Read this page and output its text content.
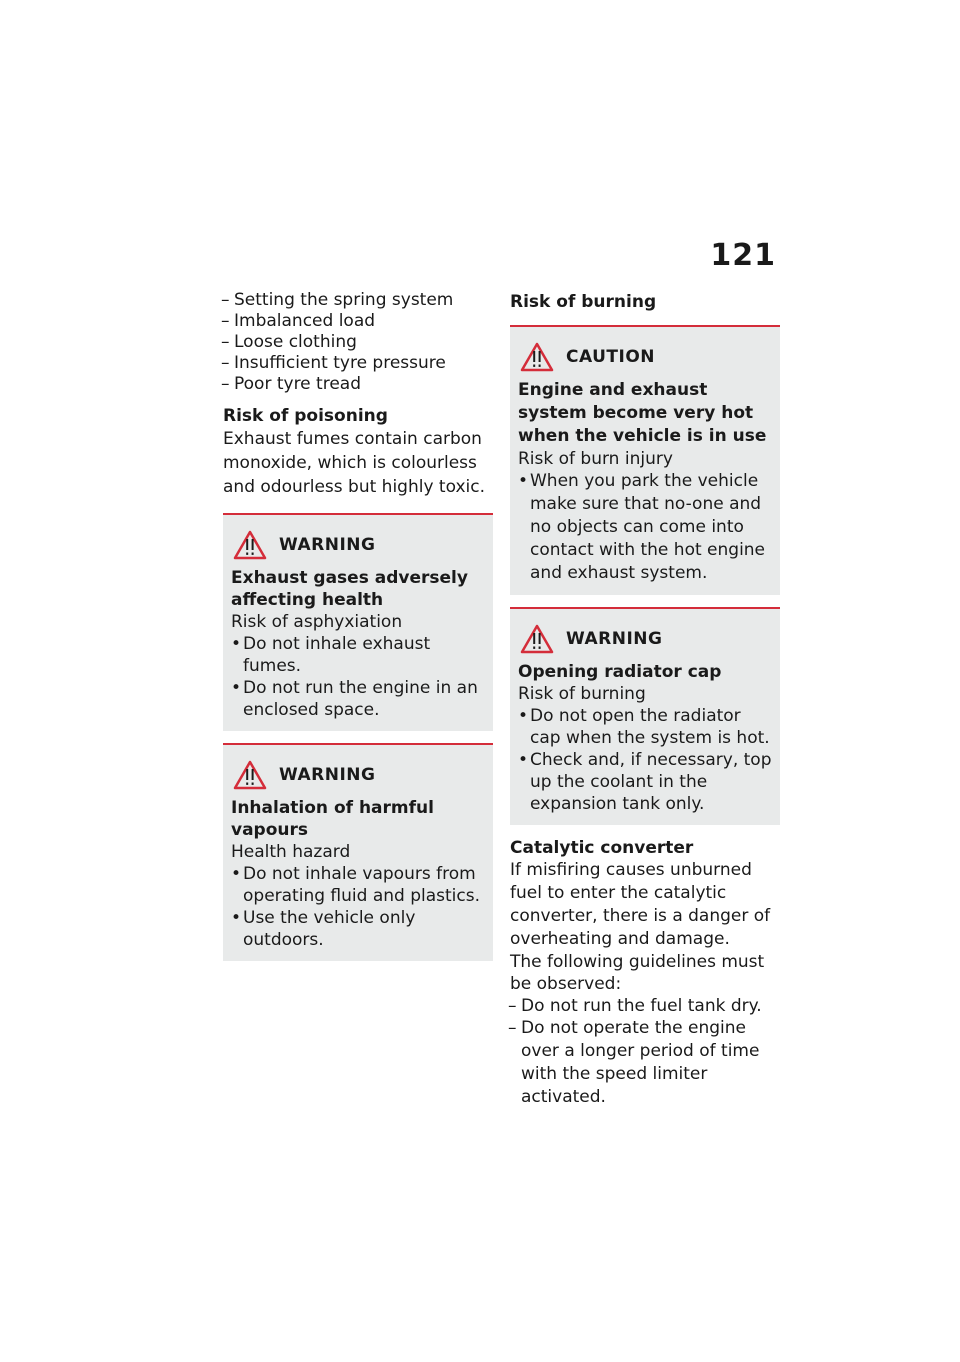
121
– Setting the spring system
– Imbalanced load
– Loose clothing
– Insufficient tyre pressure
– Poor tyre tread
Risk of poisoning
Exhaust fumes contain carbon monoxide, which is colourless and odourless but highly toxic.
WARNING
Exhaust gases adversely affecting health
Risk of asphyxiation
• Do not inhale exhaust fumes.
• Do not run the engine in an enclosed space.
WARNING
Inhalation of harmful vapours
Health hazard
• Do not inhale vapours from operating fluid and plastics.
• Use the vehicle only outdoors.
Risk of burning
CAUTION
Engine and exhaust system become very hot when the vehicle is in use
Risk of burn injury
• When you park the vehicle make sure that no-one and no objects can come into contact with the hot engine and exhaust system.
WARNING
Opening radiator cap
Risk of burning
• Do not open the radiator cap when the system is hot.
• Check and, if necessary, top up the coolant in the expansion tank only.
Catalytic converter
If misfiring causes unburned fuel to enter the catalytic converter, there is a danger of overheating and damage.
The following guidelines must be observed:
– Do not run the fuel tank dry.
– Do not operate the engine over a longer period of time with the speed limiter activated.
